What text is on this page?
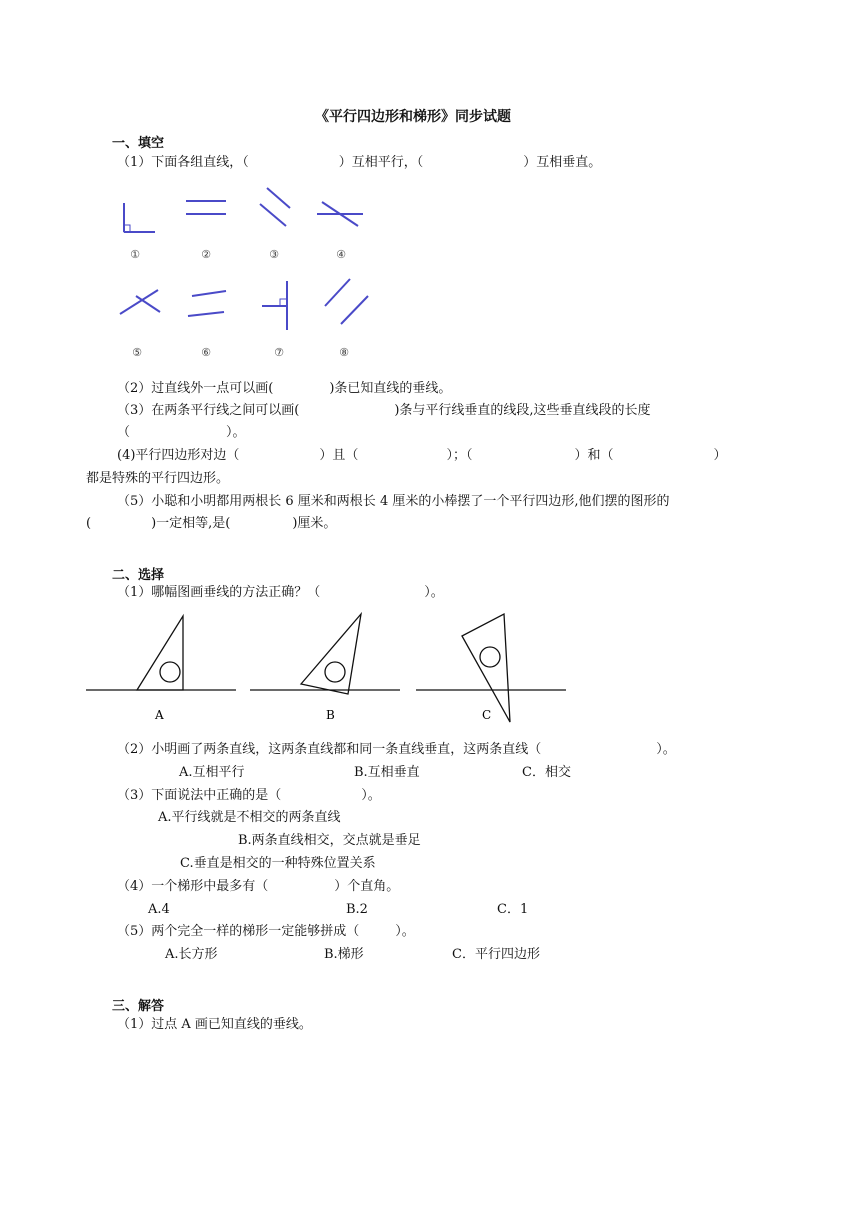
《平行四边形和梯形》同步试题
一、填空
（1）下面各组直线，（	）互相平行，（	）互相垂直。
①	②	③	④
⑤	⑥	⑦	⑧
（2）过直线外一点可以画(	)条已知直线的垂线。
（3）在两条平行线之间可以画(	)条与平行线垂直的线段,这些垂直线段的长度
（	）。
(4)平行四边形对边（	）且（	）；（	）和（	）
都是特殊的平行四边形。
（5）小聪和小明都用两根长 6 厘米和两根长 4 厘米的小棒摆了一个平行四边形,他们摆的图形的
(	)一定相等,是(	)厘米。
二、选择
（1）哪幅图画垂线的方法正确？（	）。
A	B	C
（2）小明画了两条直线，这两条直线都和同一条直线垂直，这两条直线（	）。
A.互相平行	B.互相垂直	C．相交
（3）下面说法中正确的是（	）。
A.平行线就是不相交的两条直线
B.两条直线相交，交点就是垂足
C.垂直是相交的一种特殊位置关系
（4）一个梯形中最多有（	）个直角。
A.4	B.2	C．1
（5）两个完全一样的梯形一定能够拼成（	）。
A.长方形	B.梯形	C．平行四边形
三、解答
（1）过点 A 画已知直线的垂线。
